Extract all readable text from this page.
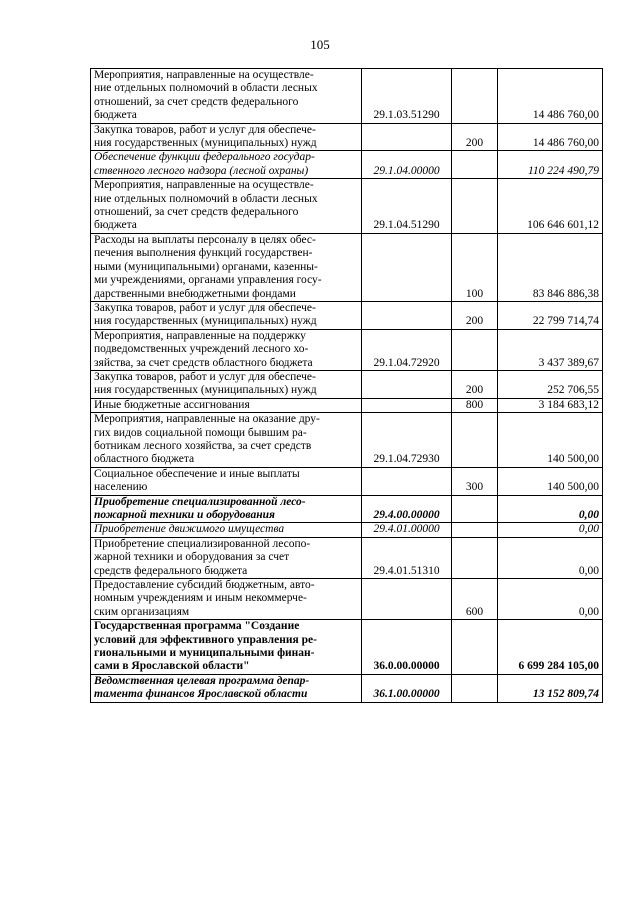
105
Мероприятия, направленные на осуществле-
ние отдельных полномочий в области лесных
отношений, за счет средств федерального
бюджета	29.1.03.51290		14 486 760,00
Закупка товаров, работ и услуг для обеспече-
ния государственных (муниципальных) нужд		200	14 486 760,00
Обеспечение функции федерального государ-
ственного лесного надзора (лесной охраны)	29.1.04.00000		110 224 490,79
Мероприятия, направленные на осуществле-
ние отдельных полномочий в области лесных
отношений, за счет средств федерального
бюджета	29.1.04.51290		106 646 601,12
Расходы на выплаты персоналу в целях обес-
печения выполнения функций государствен-
ными (муниципальными) органами, казенны-
ми учреждениями, органами управления госу-
дарственными внебюджетными фондами		100	83 846 886,38
Закупка товаров, работ и услуг для обеспече-
ния государственных (муниципальных) нужд		200	22 799 714,74
Мероприятия, направленные на поддержку
подведомственных учреждений лесного хо-
зяйства, за счет средств областного бюджета	29.1.04.72920		3 437 389,67
Закупка товаров, работ и услуг для обеспече-
ния государственных (муниципальных) нужд		200	252 706,55
Иные бюджетные ассигнования		800	3 184 683,12
Мероприятия, направленные на оказание дру-
гих видов социальной помощи бывшим ра-
ботникам лесного хозяйства, за счет средств
областного бюджета	29.1.04.72930		140 500,00
Социальное обеспечение и иные выплаты
населению		300	140 500,00
Приобретение специализированной лесо-
пожарной техники и оборудования	29.4.00.00000		0,00
Приобретение движимого имущества	29.4.01.00000		0,00
Приобретение специализированной лесопо-
жарной техники и оборудования за счет
средств федерального бюджета	29.4.01.51310		0,00
Предоставление субсидий бюджетным, авто-
номным учреждениям и иным некоммерче-
ским организациям		600	0,00
Государственная программа "Создание
условий для эффективного управления ре-
гиональными и муниципальными финан-
сами в Ярославской области"	36.0.00.00000		6 699 284 105,00
Ведомственная целевая программа депар-
тамента финансов Ярославской области	36.1.00.00000		13 152 809,74
